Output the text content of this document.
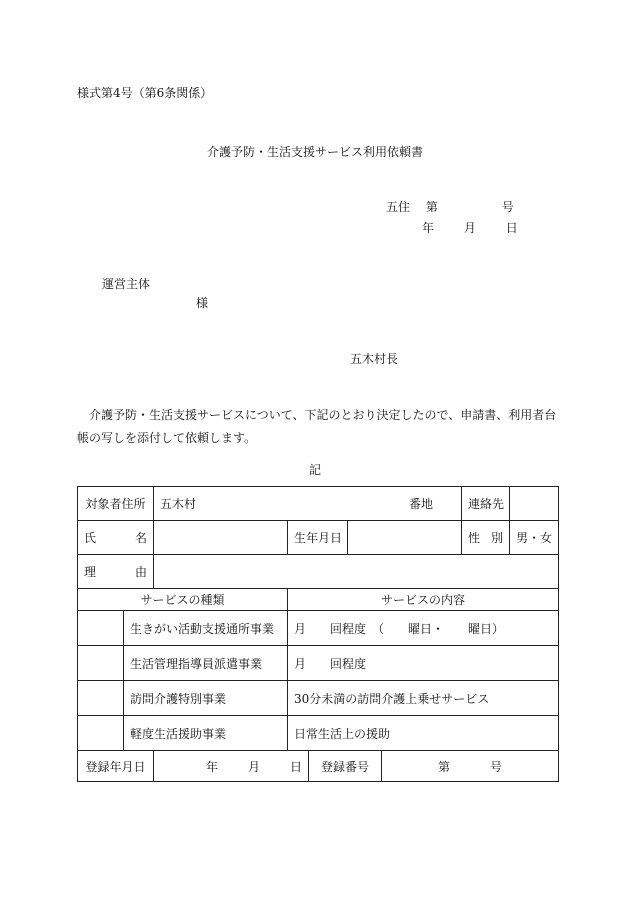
様式第4号（第6条関係）
介護予防・生活支援サービス利用依頼書
五住 第	号
年 月 日
運営主体
様
五木村長
介護予防・生活支援サービスについて、下記のとおり決定したので、申請書、利用者台帳の写しを添付して依頼します。
記
対象者住所		五木村 番地			連絡先	

氏 名			生年月日		性 別	男・女

理 由						

サービスの種類			サービスの内容			
	生きがい活動支援通所事業		月　　回程度　（　　曜日・　　曜日）			
	生活管理指導員派遣事業		月　　回程度			
	訪問介護特別事業		30分未満の訪問介護上乗せサービス			
	軽度生活援助事業		日常生活上の援助			
登録年月日	年 月 日	登録番号	第	号
